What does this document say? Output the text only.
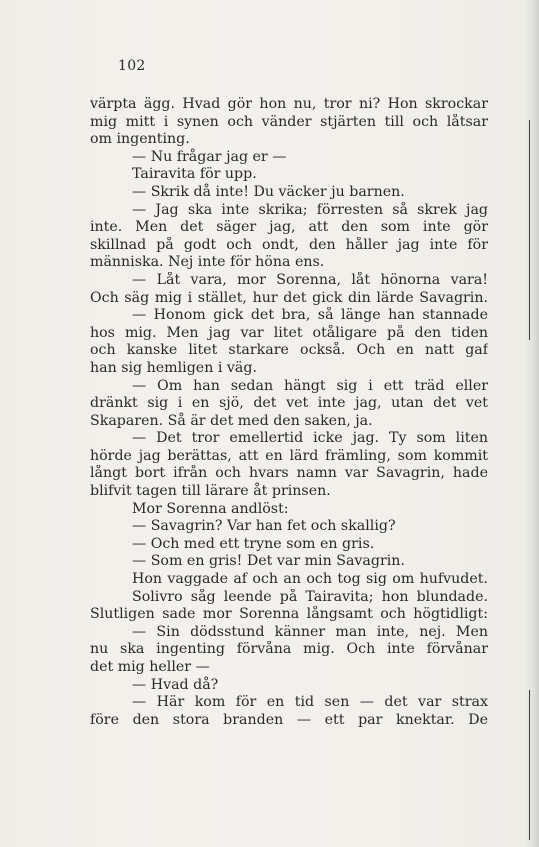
102
värpta ägg. Hvad gör hon nu, tror ni? Hon skrockar
mig mitt i synen och vänder stjärten till och låtsar
om ingenting.
— Nu frågar jag er —
Tairavita för upp.
— Skrik då inte! Du väcker ju barnen.
— Jag ska inte skrika; förresten så skrek jag
inte. Men det säger jag, att den som inte gör
skillnad på godt och ondt, den håller jag inte för
människa. Nej inte för höna ens.
— Låt vara, mor Sorenna, låt hönorna vara!
Och säg mig i stället, hur det gick din lärde Savagrin.
— Honom gick det bra, så länge han stannade
hos mig. Men jag var litet otåligare på den tiden
och kanske litet starkare också. Och en natt gaf
han sig hemligen i väg.
— Om han sedan hängt sig i ett träd eller
dränkt sig i en sjö, det vet inte jag, utan det vet
Skaparen. Så är det med den saken, ja.
— Det tror emellertid icke jag. Ty som liten
hörde jag berättas, att en lärd främling, som kommit
långt bort ifrån och hvars namn var Savagrin, hade
blifvit tagen till lärare åt prinsen.
Mor Sorenna andlöst:
— Savagrin? Var han fet och skallig?
— Och med ett tryne som en gris.
— Som en gris! Det var min Savagrin.
Hon vaggade af och an och tog sig om hufvudet.
Solivro såg leende på Tairavita; hon blundade.
Slutligen sade mor Sorenna långsamt och högtidligt:
— Sin dödsstund känner man inte, nej. Men
nu ska ingenting förvåna mig. Och inte förvånar
det mig heller —
— Hvad då?
— Här kom för en tid sen — det var strax
före den stora branden — ett par knektar. De
